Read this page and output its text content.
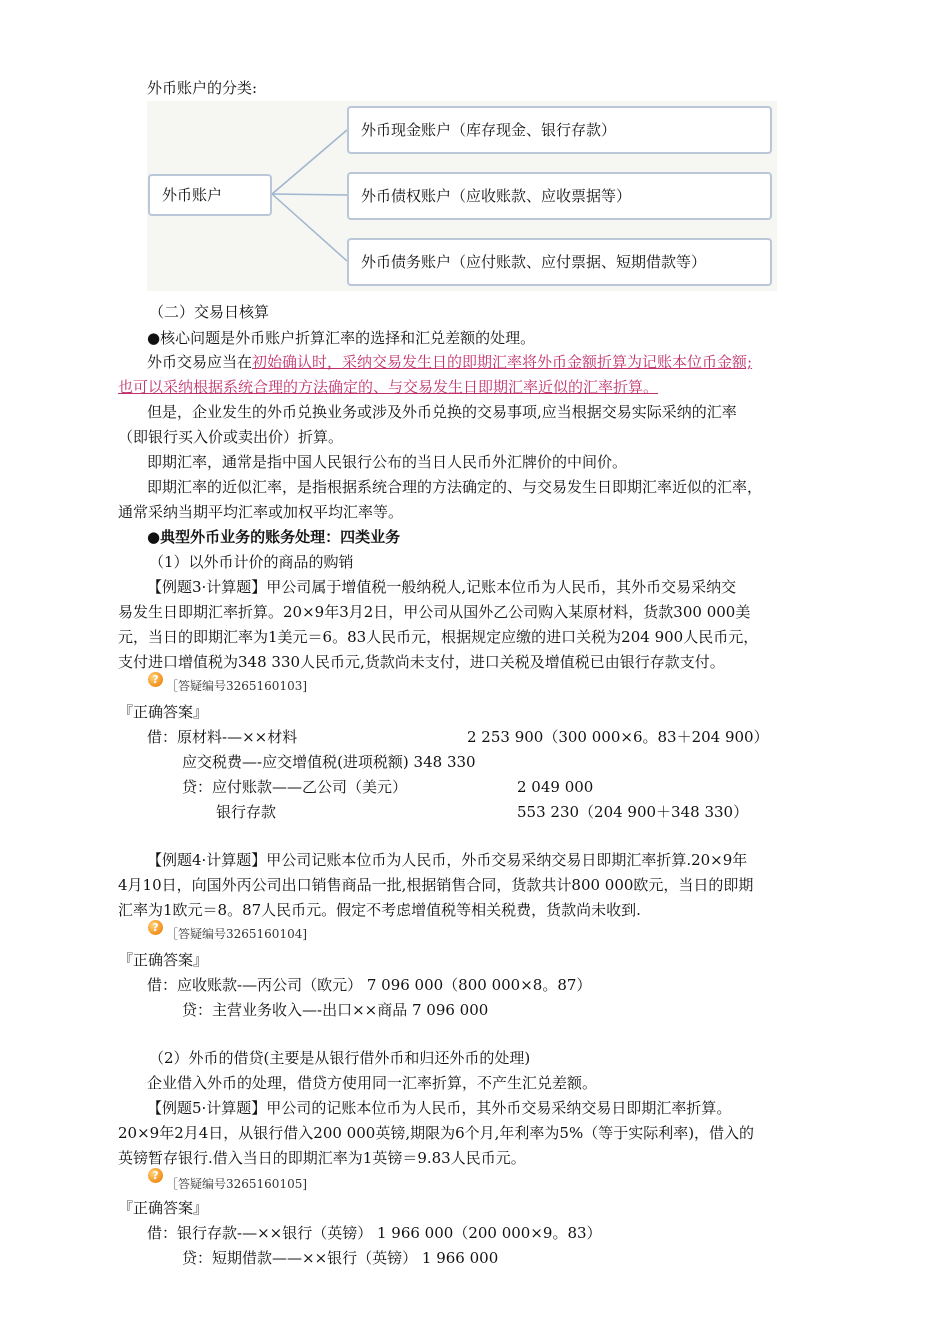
外币账户的分类:
外币账户
外币现金账户（库存现金、银行存款）
外币债权账户（应收账款、应收票据等）
外币债务账户（应付账款、应付票据、短期借款等）
（二）交易日核算
●核心问题是外币账户折算汇率的选择和汇兑差额的处理。
外币交易应当在初始确认时，采纳交易发生日的即期汇率将外币金额折算为记账本位币金额;
也可以采纳根据系统合理的方法确定的、与交易发生日即期汇率近似的汇率折算。
但是，企业发生的外币兑换业务或涉及外币兑换的交易事项,应当根据交易实际采纳的汇率
（即银行买入价或卖出价）折算。
即期汇率，通常是指中国人民银行公布的当日人民币外汇牌价的中间价。
即期汇率的近似汇率，是指根据系统合理的方法确定的、与交易发生日即期汇率近似的汇率，
通常采纳当期平均汇率或加权平均汇率等。
●典型外币业务的账务处理：四类业务
（1）以外币计价的商品的购销
【例题3·计算题】甲公司属于增值税一般纳税人,记账本位币为人民币，其外币交易采纳交
易发生日即期汇率折算。20×9年3月2日，甲公司从国外乙公司购入某原材料，货款300 000美
元，当日的即期汇率为1美元＝6。83人民币元，根据规定应缴的进口关税为204 900人民币元，
支付进口增值税为348 330人民币元,货款尚未支付，进口关税及增值税已由银行存款支付。
? ［答疑编号3265160103]
『正确答案』
借：原材料-—××材料	2 253 900（300 000×6。83＋204 900）
应交税费—-应交增值税(进项税额) 348 330
贷：应付账款——乙公司（美元）	2 049 000
银行存款	553 230（204 900＋348 330）
【例题4·计算题】甲公司记账本位币为人民币，外币交易采纳交易日即期汇率折算.20×9年
4月10日，向国外丙公司出口销售商品一批,根据销售合同，货款共计800 000欧元，当日的即期
汇率为1欧元＝8。87人民币元。假定不考虑增值税等相关税费，货款尚未收到.
? ［答疑编号3265160104]
『正确答案』
借：应收账款-—丙公司（欧元） 7 096 000（800 000×8。87）
贷：主营业务收入—-出口××商品 7 096 000
（2）外币的借贷(主要是从银行借外币和归还外币的处理)
企业借入外币的处理，借贷方使用同一汇率折算，不产生汇兑差额。
【例题5·计算题】甲公司的记账本位币为人民币，其外币交易采纳交易日即期汇率折算。
20×9年2月4日，从银行借入200 000英镑,期限为6个月,年利率为5%（等于实际利率)，借入的
英镑暂存银行.借入当日的即期汇率为1英镑＝9.83人民币元。
?
［答疑编号3265160105]
『正确答案』
借：银行存款-—××银行（英镑） 1 966 000（200 000×9。83）
贷：短期借款——××银行（英镑） 1 966 000
